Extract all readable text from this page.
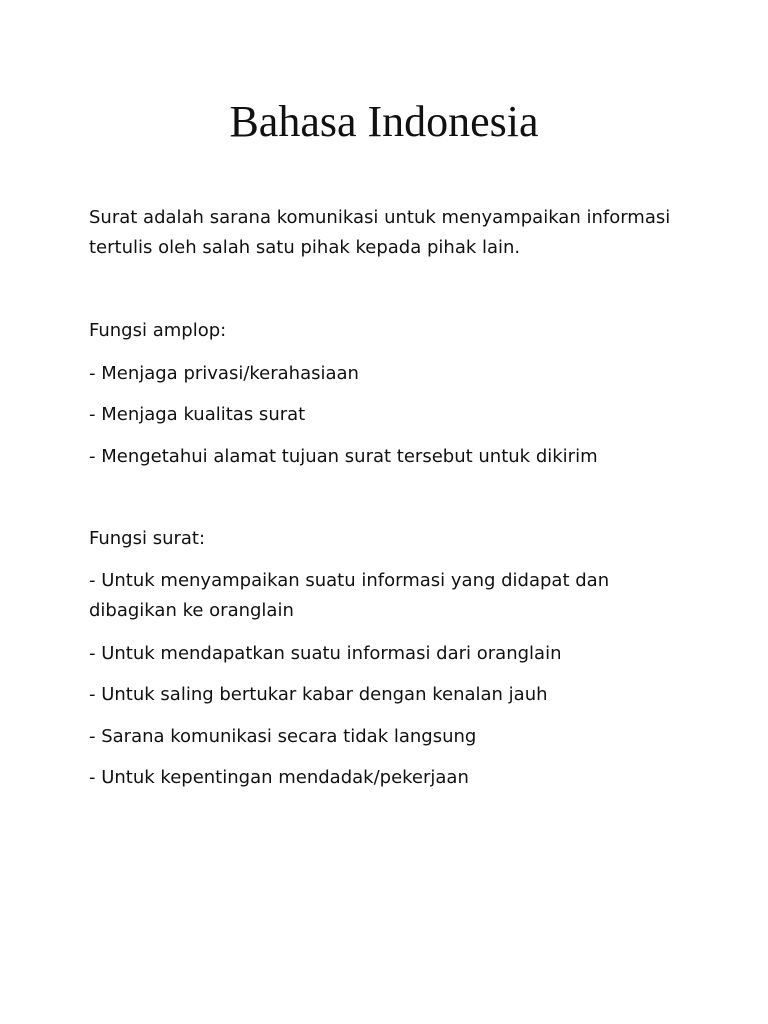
Bahasa Indonesia

Surat adalah sarana komunikasi untuk menyampaikan informasi
tertulis oleh salah satu pihak kepada pihak lain.

Fungsi amplop:

- Menjaga privasi/kerahasiaan

- Menjaga kualitas surat

- Mengetahui alamat tujuan surat tersebut untuk dikirim

Fungsi surat:

- Untuk menyampaikan suatu informasi yang didapat dan
dibagikan ke oranglain

- Untuk mendapatkan suatu informasi dari oranglain

- Untuk saling bertukar kabar dengan kenalan jauh

- Sarana komunikasi secara tidak langsung

- Untuk kepentingan mendadak/pekerjaan
